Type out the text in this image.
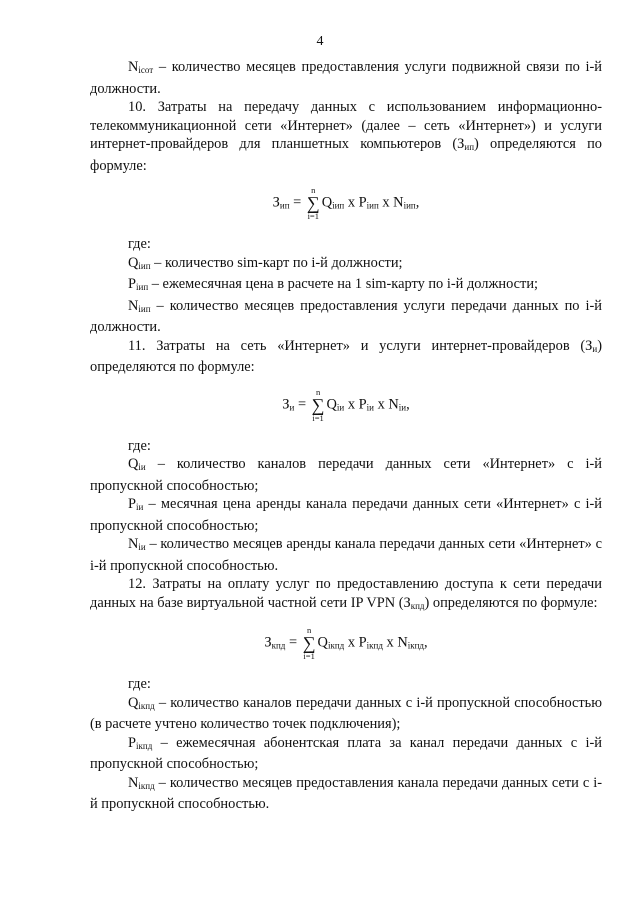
4

$N_{iсот}$ – количество месяцев предоставления услуги подвижной связи по i-й должности.

10. Затраты на передачу данных с использованием информационно-телекоммуникационной сети «Интернет» (далее – сеть «Интернет») и услуги интернет-провайдеров для планшетных компьютеров $(З_{ип})$ определяются по формуле:

$З_{ип}$ =
n
∑
i=1
$Q_{iип}$ x $P_{iип}$ x $N_{iип}$,

где:

$Q_{iип}$ – количество sim-карт по i-й должности;

$P_{iип}$ – ежемесячная цена в расчете на 1 sim-карту по i-й должности;

$N_{iип}$ – количество месяцев предоставления услуги передачи данных по i-й должности.

11. Затраты на сеть «Интернет» и услуги интернет-провайдеров $(З_и)$ определяются по формуле:

$З_и$ =
n
∑
i=1
$Q_{iи}$ x $P_{iи}$ x $N_{iи}$,

где:

$Q_{iи}$ – количество каналов передачи данных сети «Интернет» с i-й пропускной способностью;

$P_{iи}$ – месячная цена аренды канала передачи данных сети «Интернет» с i-й пропускной способностью;

$N_{iи}$ – количество месяцев аренды канала передачи данных сети «Интернет» с i-й пропускной способностью.

12. Затраты на оплату услуг по предоставлению доступа к сети передачи данных на базе виртуальной частной сети IP VPN $(З_{кпд})$ определяются по формуле:

$З_{кпд}$ =
n
∑
i=1
$Q_{iкпд}$ x $P_{iкпд}$ x $N_{iкпд}$,

где:

$Q_{iкпд}$ – количество каналов передачи данных с i-й пропускной способностью (в расчете учтено количество точек подключения);

$P_{iкпд}$ – ежемесячная абонентская плата за канал передачи данных с i-й пропускной способностью;

$N_{iкпд}$ – количество месяцев предоставления канала передачи данных сети с i-й пропускной способностью.
